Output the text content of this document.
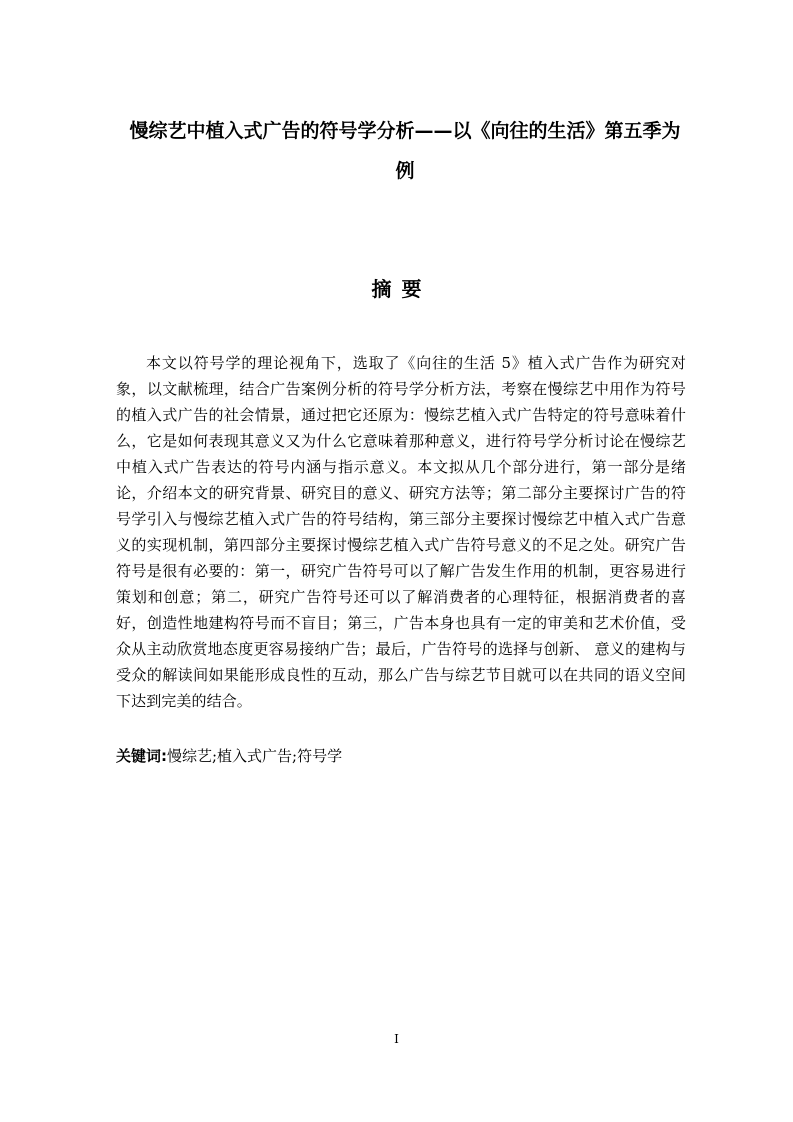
慢综艺中植入式广告的符号学分析——以《向往的生活》第五季为
例
摘要

本文以符号学的理论视角下，选取了《向往的生活 5》植入式广告作为研究对象，以文献梳理，结合广告案例分析的符号学分析方法，考察在慢综艺中用作为符号的植入式广告的社会情景，通过把它还原为：慢综艺植入式广告特定的符号意味着什么，它是如何表现其意义又为什么它意味着那种意义，进行符号学分析讨论在慢综艺中植入式广告表达的符号内涵与指示意义。本文拟从几个部分进行，第一部分是绪论，介绍本文的研究背景、研究目的意义、研究方法等；第二部分主要探讨广告的符号学引入与慢综艺植入式广告的符号结构，第三部分主要探讨慢综艺中植入式广告意义的实现机制，第四部分主要探讨慢综艺植入式广告符号意义的不足之处。研究广告符号是很有必要的：第一，研究广告符号可以了解广告发生作用的机制，更容易进行策划和创意；第二，研究广告符号还可以了解消费者的心理特征，根据消费者的喜好，创造性地建构符号而不盲目；第三，广告本身也具有一定的审美和艺术价值，受众从主动欣赏地态度更容易接纳广告；最后，广告符号的选择与创新、 意义的建构与受众的解读间如果能形成良性的互动，那么广告与综艺节目就可以在共同的语义空间下达到完美的结合。

关键词:慢综艺;植入式广告;符号学
I
